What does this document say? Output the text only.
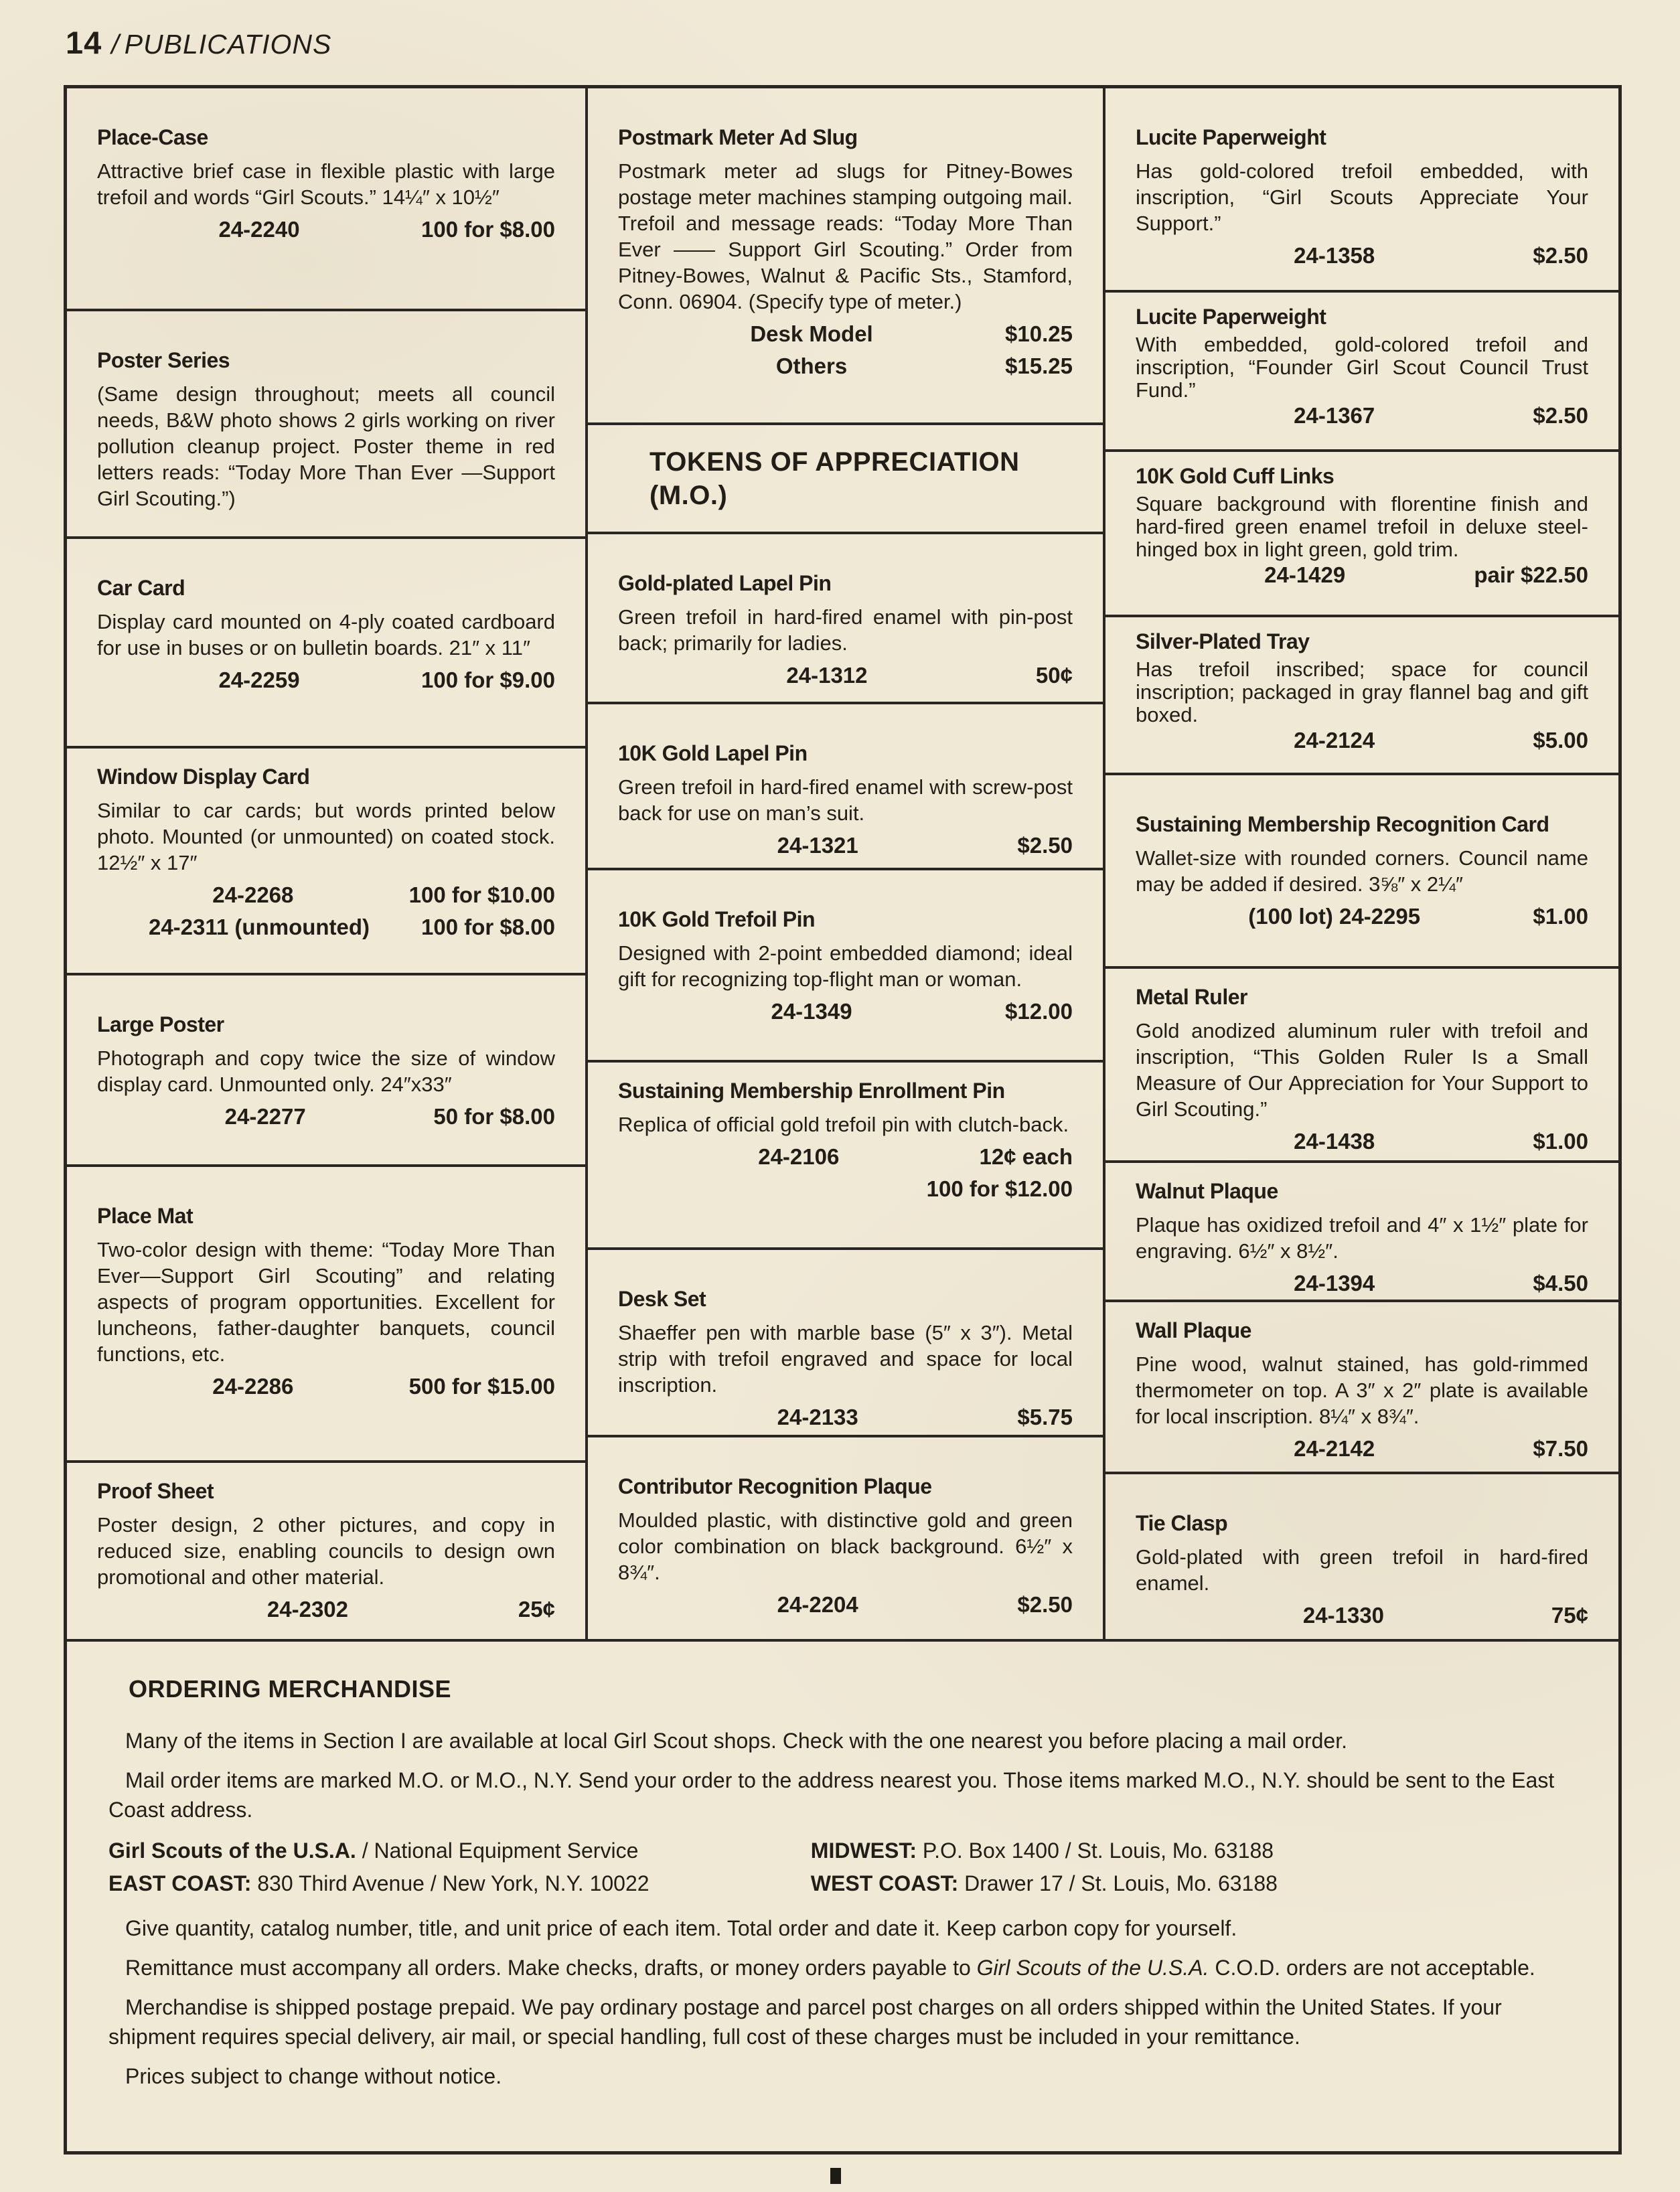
14 / PUBLICATIONS
Place-Case
Attractive brief case in flexible plastic with large trefoil and words “Girl Scouts.” 14¼″ x 10½″
24-2240	100 for $8.00
Poster Series
(Same design throughout; meets all council needs, B&W photo shows 2 girls working on river pollution cleanup project. Poster theme in red letters reads: “Today More Than Ever —Support Girl Scouting.”)
Car Card
Display card mounted on 4-ply coated cardboard for use in buses or on bulletin boards. 21″ x 11″
24-2259	100 for $9.00
Window Display Card
Similar to car cards; but words printed below photo. Mounted (or unmounted) on coated stock. 12½″ x 17″
24-2268	100 for $10.00
24-2311 (unmounted) 100 for $8.00
Large Poster
Photograph and copy twice the size of window display card. Unmounted only. 24″x33″
24-2277	50 for $8.00
Place Mat
Two-color design with theme: “Today More Than Ever—Support Girl Scouting” and relating aspects of program opportunities. Excellent for luncheons, father-daughter banquets, council functions, etc.
24-2286	500 for $15.00
Proof Sheet
Poster design, 2 other pictures, and copy in reduced size, enabling councils to design own promotional and other material.
24-2302	25¢
Postmark Meter Ad Slug
Postmark meter ad slugs for Pitney-Bowes postage meter machines stamping outgoing mail. Trefoil and message reads: “Today More Than Ever —— Support Girl Scouting.” Order from Pitney-Bowes, Walnut & Pacific Sts., Stamford, Conn. 06904. (Specify type of meter.)
Desk Model	$10.25
Others	$15.25
TOKENS OF APPRECIATION
(M.O.)
Gold-plated Lapel Pin
Green trefoil in hard-fired enamel with pin-post back; primarily for ladies.
24-1312	50¢
10K Gold Lapel Pin
Green trefoil in hard-fired enamel with screw-post back for use on man’s suit.
24-1321	$2.50
10K Gold Trefoil Pin
Designed with 2-point embedded diamond; ideal gift for recognizing top-flight man or woman.
24-1349	$12.00
Sustaining Membership Enrollment Pin
Replica of official gold trefoil pin with clutch-back.
24-2106	12¢ each
100 for $12.00
Desk Set
Shaeffer pen with marble base (5″ x 3″). Metal strip with trefoil engraved and space for local inscription.
24-2133	$5.75
Contributor Recognition Plaque
Moulded plastic, with distinctive gold and green color combination on black background. 6½″ x 8¾″.
24-2204	$2.50
Lucite Paperweight
Has gold-colored trefoil embedded, with inscription, “Girl Scouts Appreciate Your Support.”
24-1358	$2.50
Lucite Paperweight
With embedded, gold-colored trefoil and inscription, “Founder Girl Scout Council Trust Fund.”
24-1367	$2.50
10K Gold Cuff Links
Square background with florentine finish and hard-fired green enamel trefoil in deluxe steel-hinged box in light green, gold trim.
24-1429	pair $22.50
Silver-Plated Tray
Has trefoil inscribed; space for council inscription; packaged in gray flannel bag and gift boxed.
24-2124	$5.00
Sustaining Membership Recognition Card
Wallet-size with rounded corners. Council name may be added if desired. 3⅝″ x 2¼″
(100 lot) 24-2295	$1.00
Metal Ruler
Gold anodized aluminum ruler with trefoil and inscription, “This Golden Ruler Is a Small Measure of Our Appreciation for Your Support to Girl Scouting.”
24-1438	$1.00
Walnut Plaque
Plaque has oxidized trefoil and 4″ x 1½″ plate for engraving. 6½″ x 8½″.
24-1394	$4.50
Wall Plaque
Pine wood, walnut stained, has gold-rimmed thermometer on top. A 3″ x 2″ plate is available for local inscription. 8¼″ x 8¾″.
24-2142	$7.50
Tie Clasp
Gold-plated with green trefoil in hard-fired enamel.
24-1330	75¢
ORDERING MERCHANDISE

Many of the items in Section I are available at local Girl Scout shops. Check with the one nearest you before placing a mail order.

Mail order items are marked M.O. or M.O., N.Y. Send your order to the address nearest you. Those items marked M.O., N.Y. should be sent to the East Coast address.

Girl Scouts of the U.S.A. / National Equipment Service	MIDWEST: P.O. Box 1400 / St. Louis, Mo. 63188
EAST COAST: 830 Third Avenue / New York, N.Y. 10022	WEST COAST: Drawer 17 / St. Louis, Mo. 63188

Give quantity, catalog number, title, and unit price of each item. Total order and date it. Keep carbon copy for yourself.

Remittance must accompany all orders. Make checks, drafts, or money orders payable to Girl Scouts of the U.S.A. C.O.D. orders are not acceptable.

Merchandise is shipped postage prepaid. We pay ordinary postage and parcel post charges on all orders shipped within the United States. If your shipment requires special delivery, air mail, or special handling, full cost of these charges must be included in your remittance.

Prices subject to change without notice.
